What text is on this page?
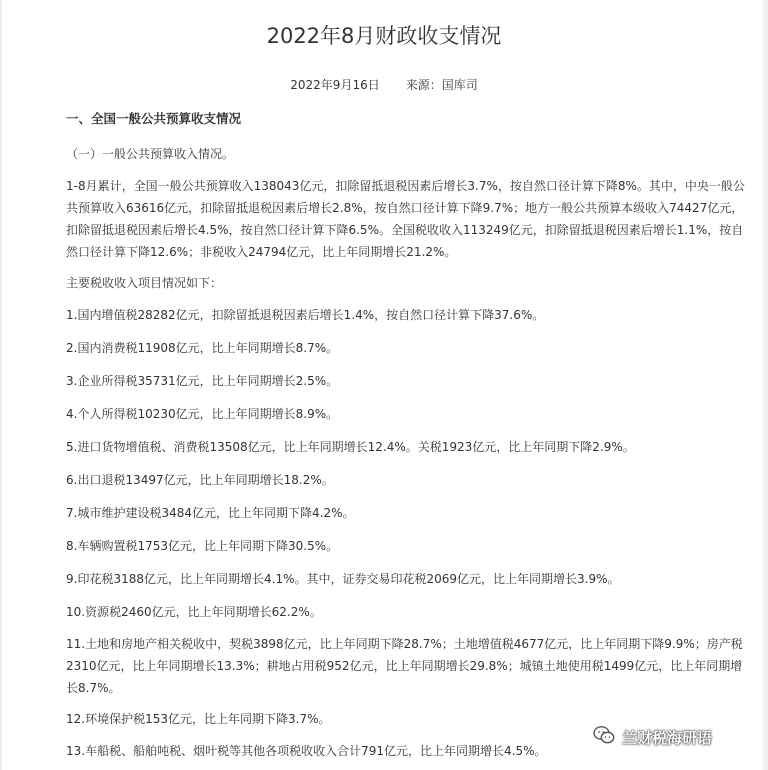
2022年8月财政收支情况
2022年9月16日 来源：国库司

一、全国一般公共预算收支情况

（一）一般公共预算收入情况。

1-8月累计，全国一般公共预算收入138043亿元，扣除留抵退税因素后增长3.7%，按自然口径计算下降8%。其中，中央一般公共预算收入63616亿元，扣除留抵退税因素后增长2.8%，按自然口径计算下降9.7%；地方一般公共预算本级收入74427亿元，扣除留抵退税因素后增长4.5%，按自然口径计算下降6.5%。全国税收收入113249亿元，扣除留抵退税因素后增长1.1%，按自然口径计算下降12.6%；非税收入24794亿元，比上年同期增长21.2%。

主要税收收入项目情况如下：

1.国内增值税28282亿元，扣除留抵退税因素后增长1.4%，按自然口径计算下降37.6%。

2.国内消费税11908亿元，比上年同期增长8.7%。

3.企业所得税35731亿元，比上年同期增长2.5%。

4.个人所得税10230亿元，比上年同期增长8.9%。

5.进口货物增值税、消费税13508亿元，比上年同期增长12.4%。关税1923亿元，比上年同期下降2.9%。

6.出口退税13497亿元，比上年同期增长18.2%。

7.城市维护建设税3484亿元，比上年同期下降4.2%。

8.车辆购置税1753亿元，比上年同期下降30.5%。

9.印花税3188亿元，比上年同期增长4.1%。其中，证券交易印花税2069亿元，比上年同期增长3.9%。

10.资源税2460亿元，比上年同期增长62.2%。

11.土地和房地产相关税收中，契税3898亿元，比上年同期下降28.7%；土地增值税4677亿元，比上年同期下降9.9%；房产税2310亿元，比上年同期增长13.3%；耕地占用税952亿元，比上年同期增长29.8%；城镇土地使用税1499亿元，比上年同期增长8.7%。

12.环境保护税153亿元，比上年同期下降3.7%。

13.车船税、船舶吨税、烟叶税等其他各项税收收入合计791亿元，比上年同期增长4.5%。

兰财税海研语
